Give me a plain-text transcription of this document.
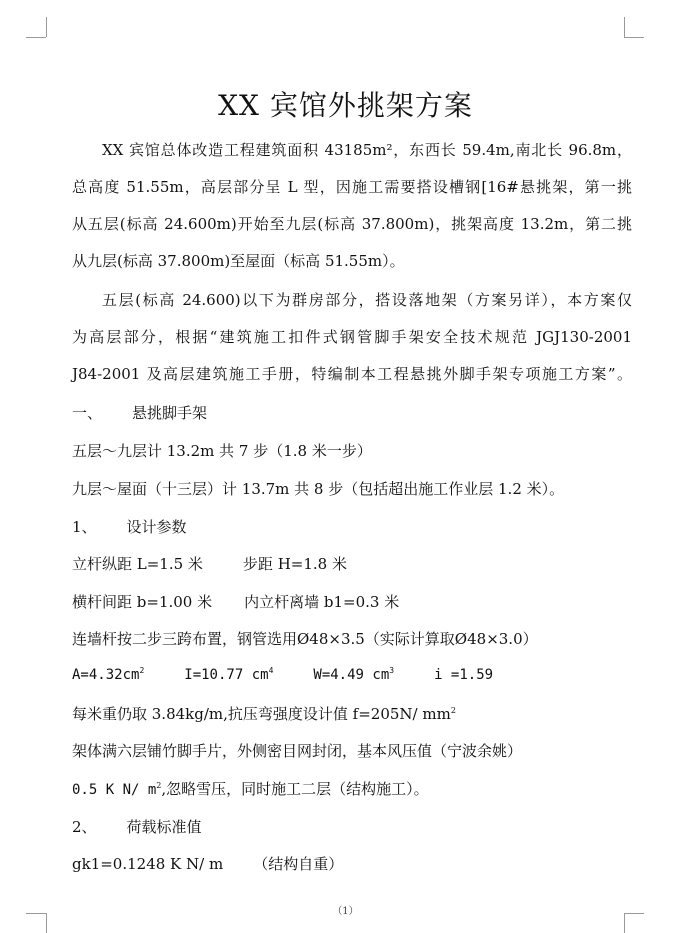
XX 宾馆外挑架方案
XX 宾馆总体改造工程建筑面积 43185m²，东西长 59.4m,南北长 96.8m，
总高度 51.55m，高层部分呈 L 型，因施工需要搭设槽钢[16#悬挑架，第一挑
从五层(标高 24.600m)开始至九层(标高 37.800m)，挑架高度 13.2m，第二挑
从九层(标高 37.800m)至屋面（标高 51.55m）。
五层(标高 24.600)以下为群房部分，搭设落地架（方案另详），本方案仅
为高层部分，根据“建筑施工扣件式钢管脚手架安全技术规范 JGJ130-2001
J84-2001 及高层建筑施工手册，特编制本工程悬挑外脚手架专项施工方案”。
一、 悬挑脚手架
五层～九层计 13.2m 共 7 步（1.8 米一步）
九层～屋面（十三层）计 13.7m 共 8 步（包括超出施工作业层 1.2 米）。
1、 设计参数
立杆纵距 L=1.5 米	步距 H=1.8 米
横杆间距 b=1.00 米 内立杆离墙 b1=0.3 米
连墙杆按二步三跨布置，钢管选用Ø48×3.5（实际计算取Ø48×3.0）
$A=4.32cm^2$	I=10.77 $cm^4$	W=4.49 $cm^3$	i =1.59
每米重仍取 3.84kg/m,抗压弯强度设计值 f=205N/ $mm^2$
架体满六层铺竹脚手片，外侧密目网封闭，基本风压值（宁波余姚）
0.5 K N/ $m^2$,忽略雪压，同时施工二层（结构施工）。
2、 荷载标准值
gk1=0.1248 K N/ m （结构自重）
（1）
